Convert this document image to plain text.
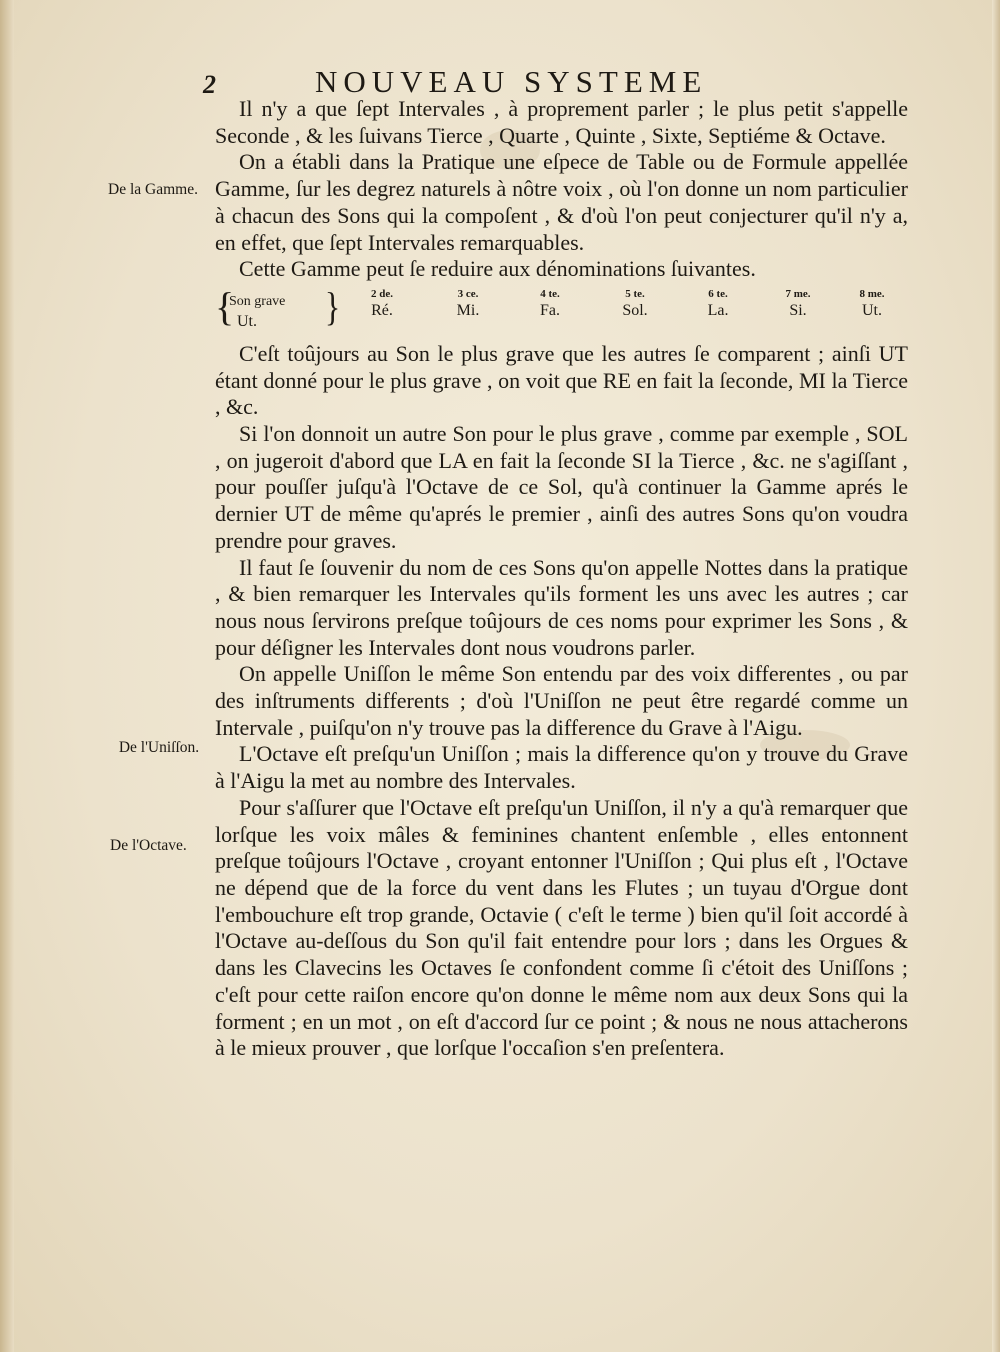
2	NOUVEAU SYSTEME
De la Gamme.
De l'Uniſſon.
De l'Octave.

Il n'y a que ſept Intervales , à proprement parler ; le plus petit s'appelle Seconde , & les ſuivans Tierce , Quarte , Quinte , Sixte, Septiéme & Octave.

On a établi dans la Pratique une eſpece de Table ou de Formule appellée Gamme, ſur les degrez naturels à nôtre voix , où l'on donne un nom particulier à chacun des Sons qui la compoſent , & d'où l'on peut conjecturer qu'il n'y a, en effet, que ſept Intervales remarquables.

Cette Gamme peut ſe reduire aux dénominations ſuivantes.

{
Son grave
Ut. }	2 de.
Ré.
3 ce.
Mi.
4 te.
Fa.
5 te.
Sol.
6 te.
La.
7 me.
Si.
8 me.
Ut.

C'eſt toûjours au Son le plus grave que les autres ſe comparent ; ainſi UT étant donné pour le plus grave , on voit que RE en fait la ſeconde, MI la Tierce , &c.

Si l'on donnoit un autre Son pour le plus grave , comme par exemple , SOL , on jugeroit d'abord que LA en fait la ſeconde SI la Tierce , &c. ne s'agiſſant , pour pouſſer juſqu'à l'Octave de ce Sol, qu'à continuer la Gamme aprés le dernier UT de même qu'aprés le premier , ainſi des autres Sons qu'on voudra prendre pour graves.

Il faut ſe ſouvenir du nom de ces Sons qu'on appelle Nottes dans la pratique , & bien remarquer les Intervales qu'ils forment les uns avec les autres ; car nous nous ſervirons preſque toûjours de ces noms pour exprimer les Sons , & pour déſigner les Intervales dont nous voudrons parler.

On appelle Uniſſon le même Son entendu par des voix differentes , ou par des inſtruments differents ; d'où l'Uniſſon ne peut être regardé comme un Intervale , puiſqu'on n'y trouve pas la difference du Grave à l'Aigu.

L'Octave eſt preſqu'un Uniſſon ; mais la difference qu'on y trouve du Grave à l'Aigu la met au nombre des Intervales.

Pour s'aſſurer que l'Octave eſt preſqu'un Uniſſon, il n'y a qu'à remarquer que lorſque les voix mâles & feminines chantent enſemble , elles entonnent preſque toûjours l'Octave , croyant entonner l'Uniſſon ; Qui plus eſt , l'Octave ne dépend que de la force du vent dans les Flutes ; un tuyau d'Orgue dont l'embouchure eſt trop grande, Octavie ( c'eſt le terme ) bien qu'il ſoit accordé à l'Octave au-deſſous du Son qu'il fait entendre pour lors ; dans les Orgues & dans les Clavecins les Octaves ſe confondent comme ſi c'étoit des Uniſſons ; c'eſt pour cette raiſon encore qu'on donne le même nom aux deux Sons qui la forment ; en un mot , on eſt d'accord ſur ce point ; & nous ne nous attacherons à le mieux prouver , que lorſque l'occaſion s'en preſentera.
